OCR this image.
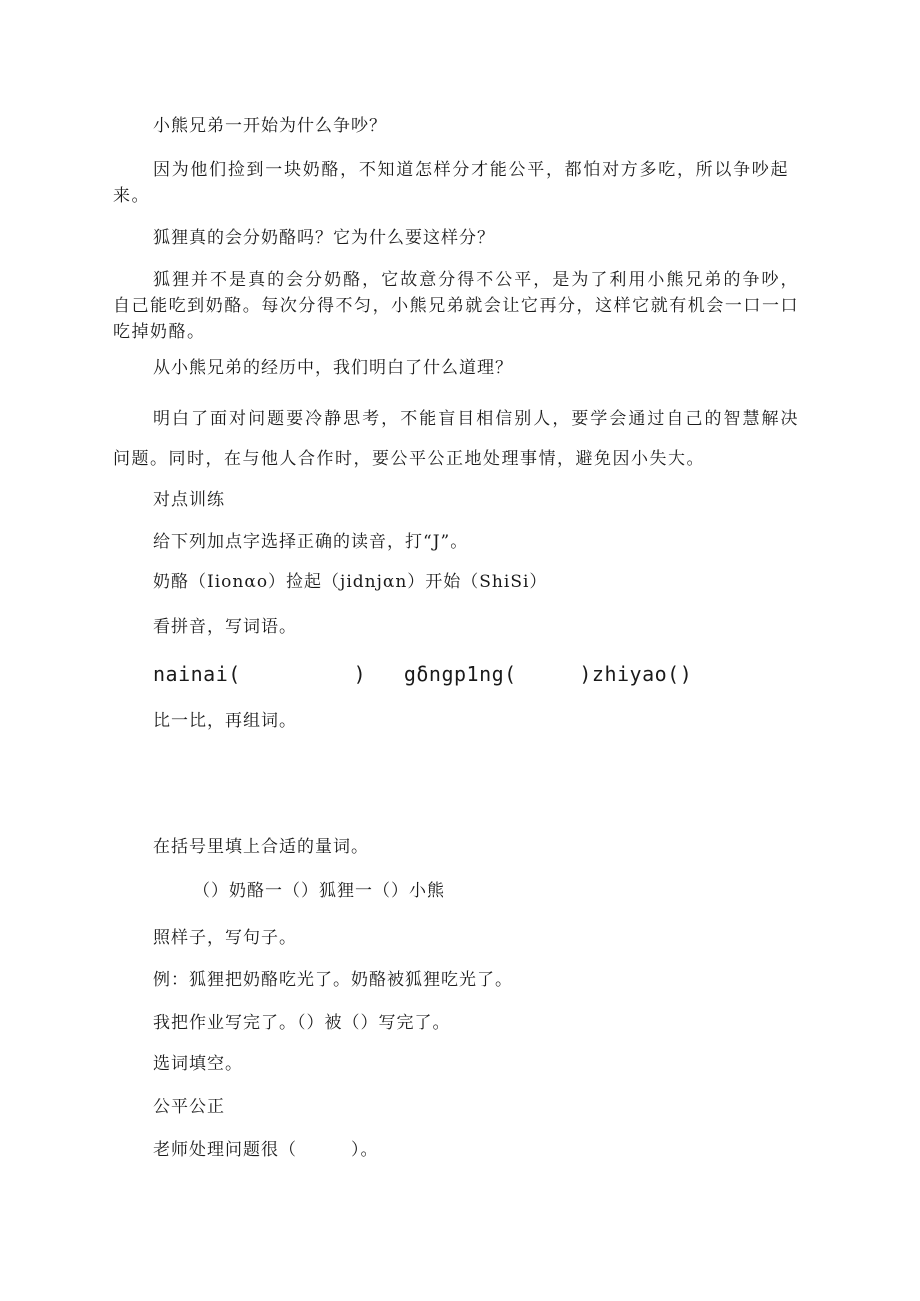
小熊兄弟一开始为什么争吵？

因为他们捡到一块奶酪，不知道怎样分才能公平，都怕对方多吃，所以争吵起来。

狐狸真的会分奶酪吗？它为什么要这样分？

狐狸并不是真的会分奶酪，它故意分得不公平，是为了利用小熊兄弟的争吵，自己能吃到奶酪。每次分得不匀，小熊兄弟就会让它再分，这样它就有机会一口一口吃掉奶酪。

从小熊兄弟的经历中，我们明白了什么道理？

明白了面对问题要冷静思考，不能盲目相信别人，要学会通过自己的智慧解决问题。同时，在与他人合作时，要公平公正地处理事情，避免因小失大。

对点训练

给下列加点字选择正确的读音，打“J”。

奶酪（Iionαo）捡起（jidnjαn）开始（ShiSi）

看拼音，写词语。

nainai(         )   gδngp1ng(     )zhiyao()

比一比，再组词。

在括号里填上合适的量词。

（）奶酪一（）狐狸一（）小熊

照样子，写句子。

例：狐狸把奶酪吃光了。奶酪被狐狸吃光了。

我把作业写完了。（）被（）写完了。

选词填空。

公平公正

老师处理问题很（　　　）。
